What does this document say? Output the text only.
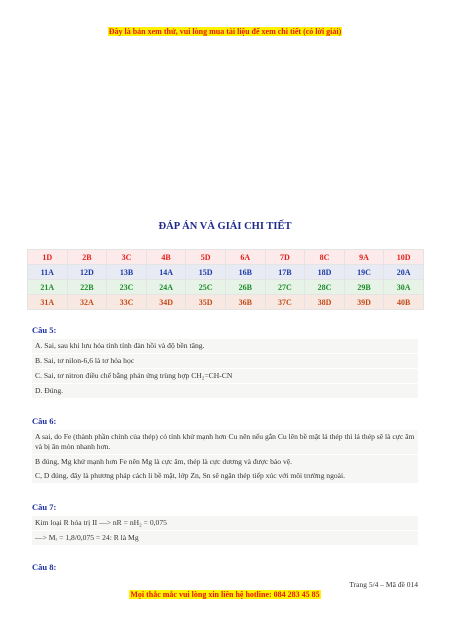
Đây là bản xem thử, vui lòng mua tài liệu để xem chi tiết (có lời giải)
ĐÁP ÁN VÀ GIẢI CHI TIẾT
1D	2B	3C	4B	5D	6A	7D	8C	9A	10D
11A	12D	13B	14A	15D	16B	17B	18D	19C	20A
21A	22B	23C	24A	25C	26B	27C	28C	29B	30A
31A	32A	33C	34D	35D	36B	37C	38D	39D	40B
Câu 5:
A. Sai, sau khi lưu hóa tính tính đàn hồi và độ bền tăng.
B. Sai, tơ nilon-6,6 là tơ hóa học
C. Sai, tơ nitron điều chế bằng phản ứng trùng hợp CH₂=CH-CN
D. Đúng.
Câu 6:
A sai, do Fe (thành phần chính của thép) có tính khử mạnh hơn Cu nên nếu gắn Cu lên bề mặt lá thép thì lá thép sẽ là cực âm và bị ăn mòn nhanh hơn.
B đúng, Mg khử mạnh hơn Fe nên Mg là cực âm, thép là cực dương và được bảo vệ.
C, D đúng, đây là phương pháp cách li bề mặt, lớp Zn, Sn sẽ ngăn thép tiếp xúc với môi trường ngoài.
Câu 7:
Kim loại R hóa trị II —> nR = nH₂ = 0,075
—> Mᵣ = 1,8/0,075 = 24: R là Mg
Câu 8:
Trang 5/4 – Mã đề 014
Mọi thắc mắc vui lòng xin liên hệ hotline: 084 283 45 85
